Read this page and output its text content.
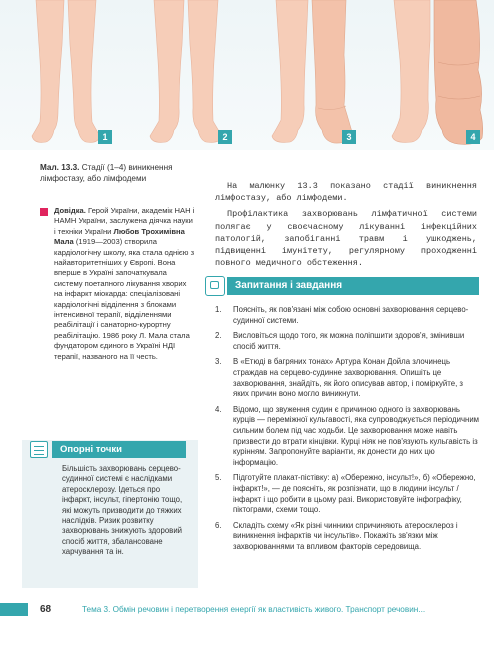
1	2	3	4
Мал. 13.3. Стадії (1–4) виникнення лімфостазу, або лімфодеми
Довідка. Герой України, академік НАН і НАМН України, заслужена діячка науки і техніки України Любов Трохимівна Мала (1919—2003) створила кардіологічну школу, яка стала однією з найавторитетніших у Європі. Вона вперше в Україні започаткувала систему поетапного лікування хворих на інфаркт міокарда: спеціалізовані кардіологічні відділення з блоками інтенсивної терапії, відділеннями реабілітації і санаторно-курортну реабілітацію. 1986 року Л. Мала стала фундатором єдиного в Україні НДІ терапії, названого на її честь.
Опорні точки
Більшість захворювань серцево-судинної системі є наслідками атеросклерозу. Ідеться про інфаркт, інсульт, гіпертонію тощо, які можуть призводити до тяжких наслідків. Ризик розвитку захворювань знижують здоровий спосіб життя, збалансоване харчування та ін.

На малюнку 13.3 показано стадії виникнення лімфостазу, або лімфодеми.

Профілактика захворювань лімфатичної системи полягає у своєчасному лікуванні інфекційних патологій, запобіганні травм і ушкоджень, підвищенні імунітету, регулярному проходженні повного медичного обстеження.

Запитання і завдання
1.	Поясніть, як пов'язані між собою основні захворювання серцево-судинної системи.
2.	Висловіться щодо того, як можна поліпшити здоров'я, змінивши спосіб життя.
3.	В «Етюді в багряних тонах» Артура Конан Дойла злочинець страждав на серцево-судинне захворювання. Опишіть це захворювання, знайдіть, як його описував автор, і поміркуйте, з яких причин воно могло виникнути.
4.	Відомо, що звуження судин є причиною одного із захворювань курців — переміжної кульгавості, яка супроводжується періодичним сильним болем під час ходьби. Це захворювання може навіть призвести до втрати кінцівки. Курці ніяк не пов'язують кульгавість із курінням. Запропонуйте варіанти, як донести до них цю інформацію.
5.	Підготуйте плакат-пістівку: а) «Обережно, інсульт!», б) «Обережно, інфаркт!», — де поясніть, як розпізнати, що в людини інсульт / інфаркт і що робити в цьому разі. Використовуйте інфографіку, піктограми, схеми тощо.
6.	Складіть схему «Як різні чинники спричиняють атеросклероз і виникнення інфарктів чи інсультів». Покажіть зв'язки між захворюваннями та впливом факторів середовища.
68	Тема 3. Обмін речовин і перетворення енергії як властивість живого. Транспорт речовин...
